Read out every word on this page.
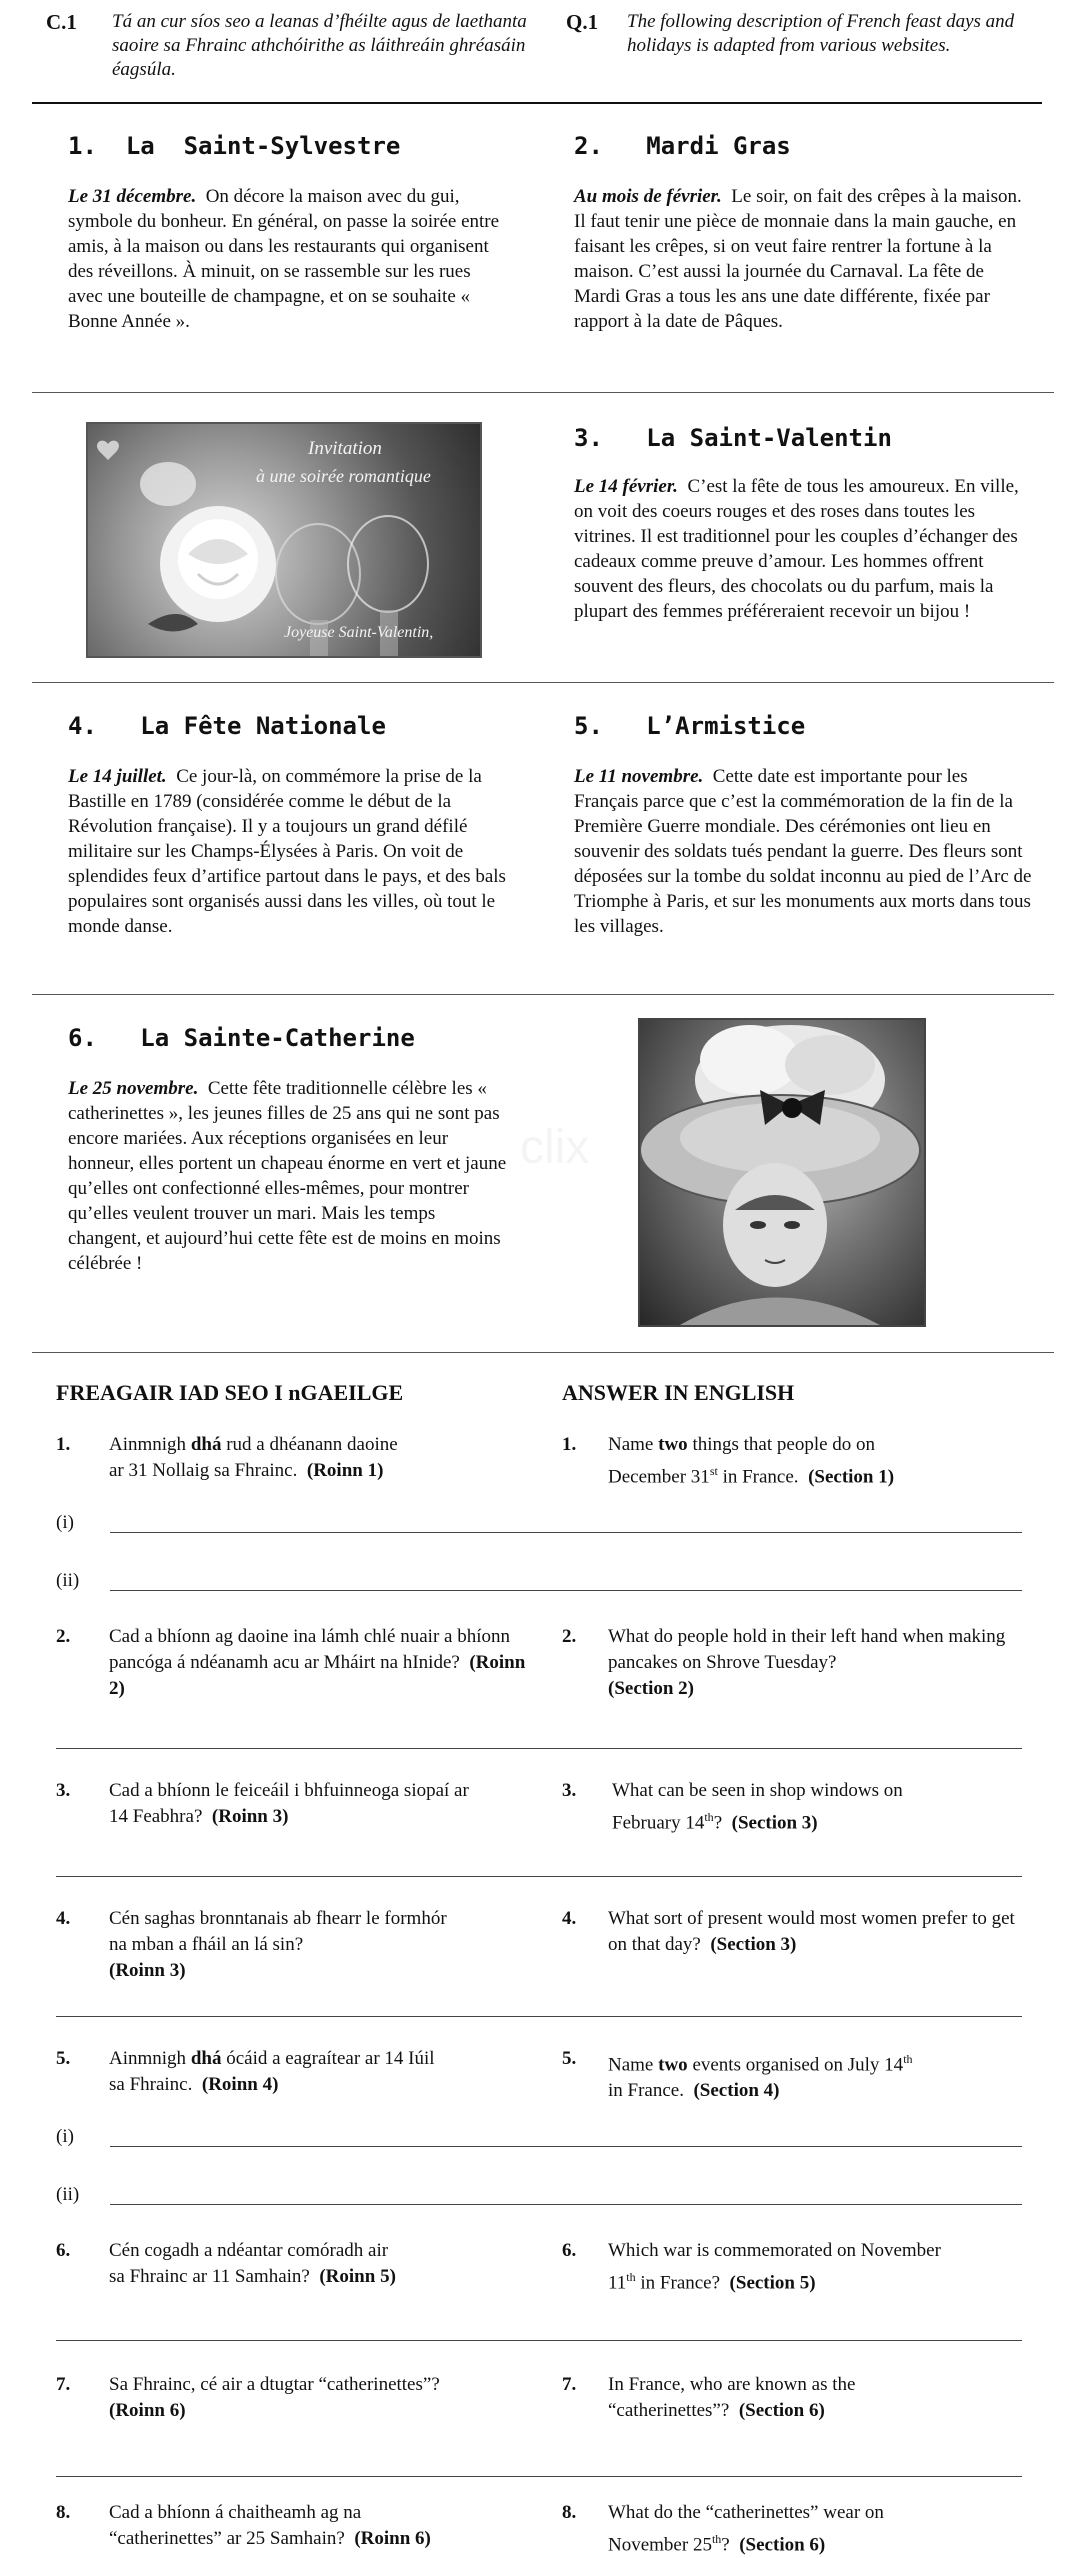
C.1 Tá an cur síos seo a leanas d’fhéilte agus de laethanta saoire sa Fhrainc athchóirithe as láithreáin ghréasáin éagsúla.
Q.1 The following description of French feast days and holidays is adapted from various websites.
1. La  Saint-Sylvestre
Le 31 décembre. On décore la maison avec du gui, symbole du bonheur. En général, on passe la soirée entre amis, à la maison ou dans les restaurants qui organisent des réveillons. À minuit, on se rassemble sur les rues avec une bouteille de champagne, et on se souhaite « Bonne Année ».
2. Mardi Gras
Au mois de février. Le soir, on fait des crêpes à la maison. Il faut tenir une pièce de monnaie dans la main gauche, en faisant les crêpes, si on veut faire rentrer la fortune à la maison. C’est aussi la journée du Carnaval. La fête de Mardi Gras a tous les ans une date différente, fixée par rapport à la date de Pâques.
Invitation
à une soirée romantique
Joyeuse Saint-Valentin,
3. La Saint-Valentin
Le 14 février. C’est la fête de tous les amoureux. En ville, on voit des coeurs rouges et des roses dans toutes les vitrines. Il est traditionnel pour les couples d’échanger des cadeaux comme preuve d’amour. Les hommes offrent souvent des fleurs, des chocolats ou du parfum, mais la plupart des femmes préféreraient recevoir un bijou !
4. La Fête Nationale
Le 14 juillet. Ce jour-là, on commémore la prise de la Bastille en 1789 (considérée comme le début de la Révolution française). Il y a toujours un grand défilé militaire sur les Champs-Élysées à Paris. On voit de splendides feux d’artifice partout dans le pays, et des bals populaires sont organisés aussi dans les villes, où tout le monde danse.
5. L’Armistice
Le 11 novembre. Cette date est importante pour les Français parce que c’est la commémoration de la fin de la Première Guerre mondiale. Des cérémonies ont lieu en souvenir des soldats tués pendant la guerre. Des fleurs sont déposées sur la tombe du soldat inconnu au pied de l’Arc de Triomphe à Paris, et sur les monuments aux morts dans tous les villages.
6. La Sainte-Catherine
Le 25 novembre. Cette fête traditionnelle célèbre les « catherinettes », les jeunes filles de 25 ans qui ne sont pas encore mariées. Aux réceptions organisées en leur honneur, elles portent un chapeau énorme en vert et jaune qu’elles ont confectionné elles-mêmes, pour montrer qu’elles veulent trouver un mari. Mais les temps changent, et aujourd’hui cette fête est de moins en moins célébrée !
FREAGAIR IAD SEO I nGAEILGE	ANSWER IN ENGLISH
1. Ainmnigh dhá rud a dhéanann daoine
ar 31 Nollaig sa Fhrainc. (Roinn 1)
1. Name two things that people do on
December 31st in France. (Section 1)
(i)
(ii)
2. Cad a bhíonn ag daoine ina lámh chlé nuair a bhíonn pancóga á ndéanamh acu ar Mháirt na hInide? (Roinn 2)
2. What do people hold in their left hand when making pancakes on Shrove Tuesday?
(Section 2)
3. Cad a bhíonn le feiceáil i bhfuinneoga siopaí ar 14 Feabhra? (Roinn 3)
3. What can be seen in shop windows on
February 14th? (Section 3)
4. Cén saghas bronntanais ab fhearr le formhór na mban a fháil an lá sin?
(Roinn 3)
4. What sort of present would most women prefer to get on that day? (Section 3)
5. Ainmnigh dhá ócáid a eagraítear ar 14 Iúil
sa Fhrainc. (Roinn 4)
5. Name two events organised on July 14th
in France. (Section 4)
(i)
(ii)
6. Cén cogadh a ndéantar comóradh air
sa Fhrainc ar 11 Samhain? (Roinn 5)
6. Which war is commemorated on November
11th in France? (Section 5)
7. Sa Fhrainc, cé air a dtugtar “catherinettes”?
(Roinn 6)
7. In France, who are known as the
“catherinettes”? (Section 6)
8. Cad a bhíonn á chaitheamh ag na
“catherinettes” ar 25 Samhain? (Roinn 6)
8. What do the “catherinettes” wear on
November 25th? (Section 6)
